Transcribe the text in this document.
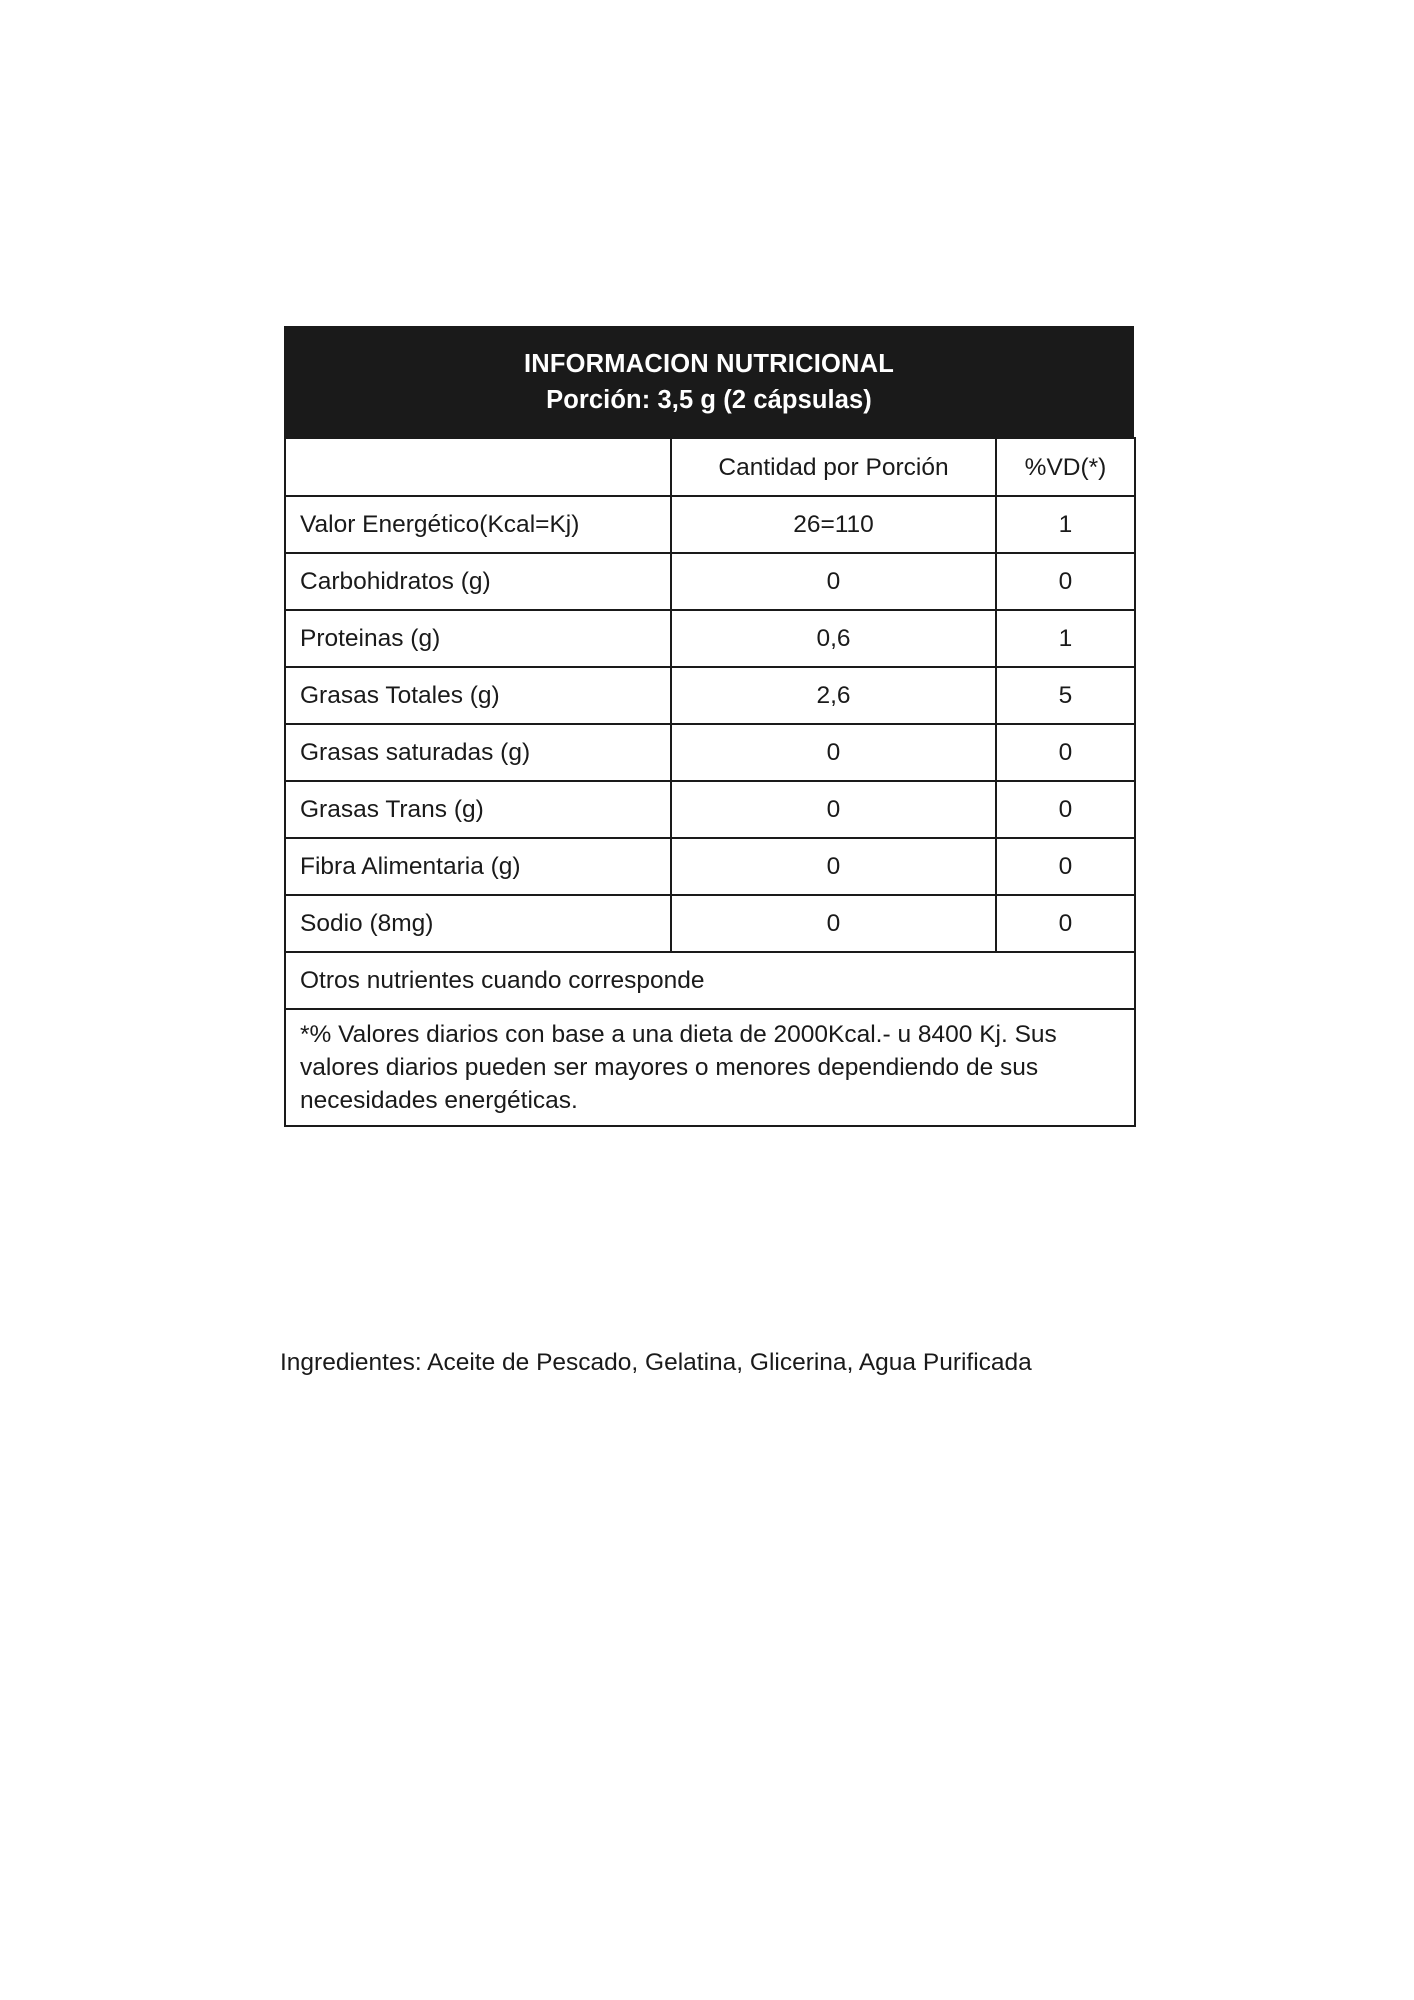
INFORMACION NUTRICIONAL
Porción: 3,5 g (2 cápsulas)
	Cantidad por Porción	%VD(*)
Valor Energético(Kcal=Kj)	26=110	1
Carbohidratos (g)	0	0
Proteinas (g)	0,6	1
Grasas Totales (g)	2,6	5
Grasas saturadas (g)	0	0
Grasas Trans (g)	0	0
Fibra Alimentaria (g)	0	0
Sodio (8mg)	0	0
Otros nutrientes cuando corresponde		
*% Valores diarios con base a una dieta de 2000Kcal.- u 8400 Kj. Sus valores diarios pueden ser mayores o menores dependiendo de sus necesidades energéticas.		
Ingredientes: Aceite de Pescado, Gelatina, Glicerina, Agua Purificada
